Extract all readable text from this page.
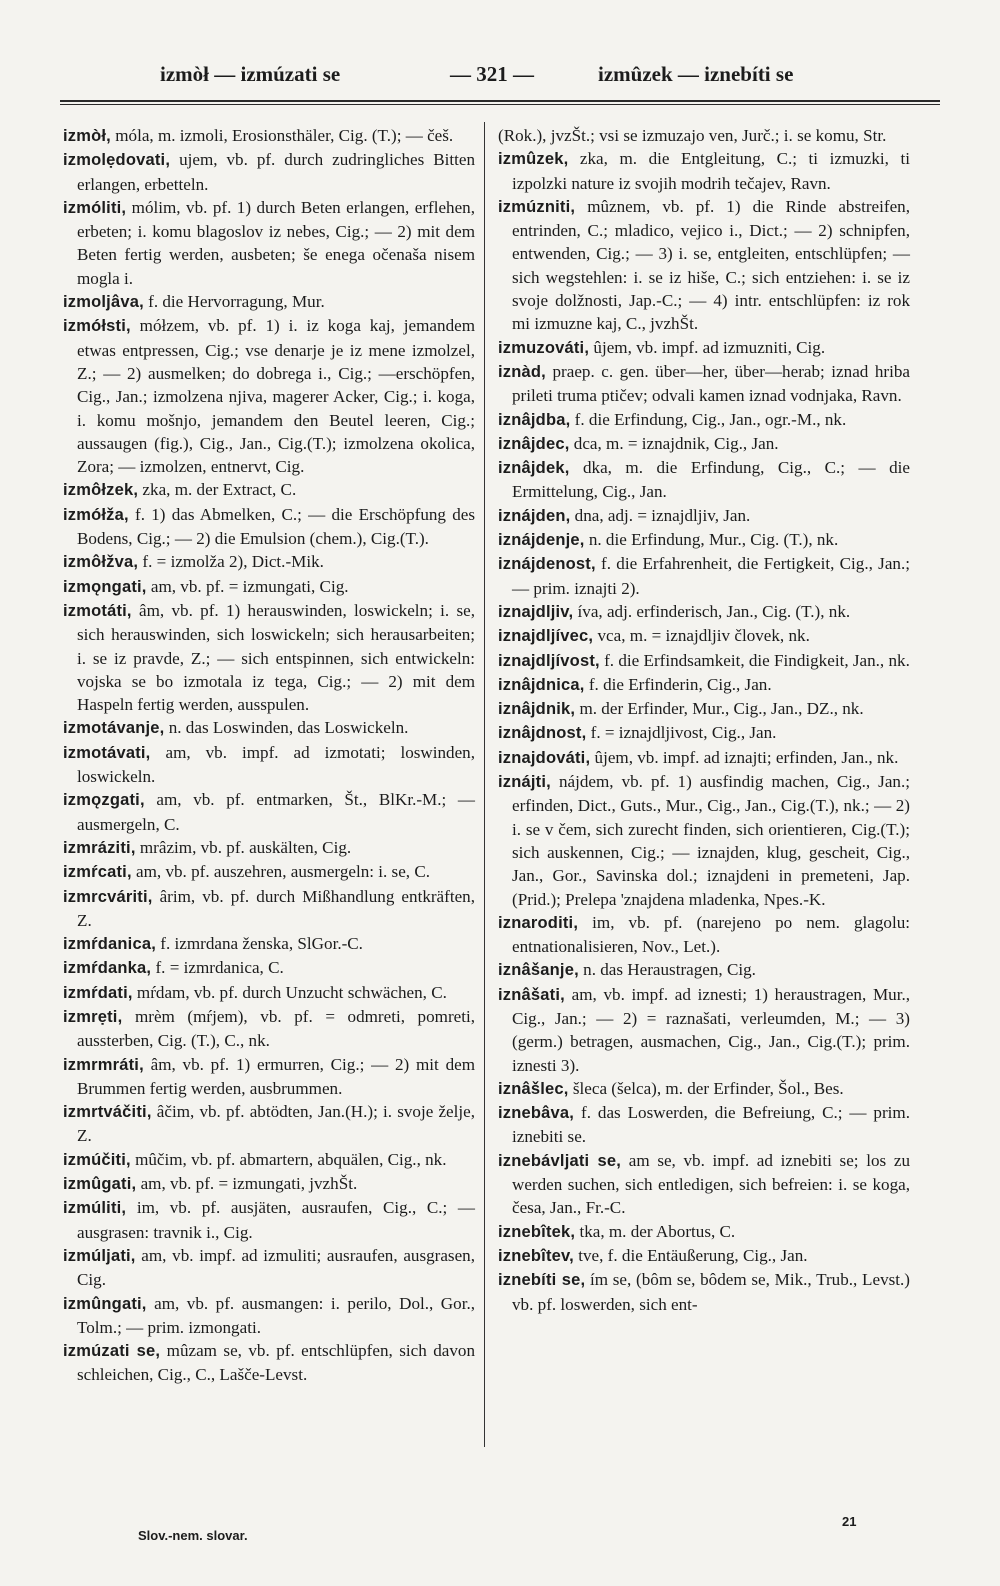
izmòł — izmúzati se	— 321 —	izmûzek — iznebíti se

izmòł, móla, m. izmoli, Erosionsthäler, Cig. (T.); — češ.

izmolẹdovati, ujem, vb. pf. durch zudringliches Bitten erlangen, erbetteln.

izmóliti, mólim, vb. pf. 1) durch Beten erlangen, erflehen, erbeten; i. komu blagoslov iz nebes, Cig.; — 2) mit dem Beten fertig werden, ausbeten; še enega očenaša nisem mogla i.

izmoljâva, f. die Hervorragung, Mur.

izmółsti, mółzem, vb. pf. 1) i. iz koga kaj, jemandem etwas entpressen, Cig.; vse denarje je iz mene izmolzel, Z.; — 2) ausmelken; do dobrega i., Cig.; —erschöpfen, Cig., Jan.; izmolzena njiva, magerer Acker, Cig.; i. koga, i. komu mošnjo, jemandem den Beutel leeren, Cig.; aussaugen (fig.), Cig., Jan., Cig.(T.); izmolzena okolica, Zora; — izmolzen, entnervt, Cig.

izmôłzek, zka, m. der Extract, C.

izmółža, f. 1) das Abmelken, C.; — die Erschöpfung des Bodens, Cig.; — 2) die Emulsion (chem.), Cig.(T.).

izmôłžva, f. = izmolža 2), Dict.-Mik.

izmǫngati, am, vb. pf. = izmungati, Cig.

izmotáti, âm, vb. pf. 1) herauswinden, loswickeln; i. se, sich herauswinden, sich loswickeln; sich herausarbeiten; i. se iz pravde, Z.; — sich entspinnen, sich entwickeln: vojska se bo izmotala iz tega, Cig.; — 2) mit dem Haspeln fertig werden, ausspulen.

izmotávanje, n. das Loswinden, das Loswickeln.

izmotávati, am, vb. impf. ad izmotati; loswinden, loswickeln.

izmǫzgati, am, vb. pf. entmarken, Št., BlKr.-M.; — ausmergeln, C.

izmráziti, mrâzim, vb. pf. auskälten, Cig.

izmŕcati, am, vb. pf. auszehren, ausmergeln: i. se, C.

izmrcváriti, ârim, vb. pf. durch Mißhandlung entkräften, Z.

izmŕdanica, f. izmrdana ženska, SlGor.-C.

izmŕdanka, f. = izmrdanica, C.

izmŕdati, mŕdam, vb. pf. durch Unzucht schwächen, C.

izmrẹti, mrèm (mŕjem), vb. pf. = odmreti, pomreti, aussterben, Cig. (T.), C., nk.

izmrmráti, âm, vb. pf. 1) ermurren, Cig.; — 2) mit dem Brummen fertig werden, ausbrummen.

izmrtváčiti, âčim, vb. pf. abtödten, Jan.(H.); i. svoje želje, Z.

izmúčiti, mûčim, vb. pf. abmartern, abquälen, Cig., nk.

izmûgati, am, vb. pf. = izmungati, jvzhŠt.

izmúliti, im, vb. pf. ausjäten, ausraufen, Cig., C.; — ausgrasen: travnik i., Cig.

izmúljati, am, vb. impf. ad izmuliti; ausraufen, ausgrasen, Cig.

izmûngati, am, vb. pf. ausmangen: i. perilo, Dol., Gor., Tolm.; — prim. izmongati.

izmúzati se, mûzam se, vb. pf. entschlüpfen, sich davon schleichen, Cig., C., Lašče-Levst.

(Rok.), jvzŠt.; vsi se izmuzajo ven, Jurč.; i. se komu, Str.

izmûzek, zka, m. die Entgleitung, C.; ti izmuzki, ti izpolzki nature iz svojih modrih tečajev, Ravn.

izmúzniti, mûznem, vb. pf. 1) die Rinde abstreifen, entrinden, C.; mladico, vejico i., Dict.; — 2) schnipfen, entwenden, Cig.; — 3) i. se, entgleiten, entschlüpfen; — sich wegstehlen: i. se iz hiše, C.; sich entziehen: i. se iz svoje dolžnosti, Jap.-C.; — 4) intr. entschlüpfen: iz rok mi izmuzne kaj, C., jvzhŠt.

izmuzováti, ûjem, vb. impf. ad izmuzniti, Cig.

iznàd, praep. c. gen. über—her, über—herab; iznad hriba prileti truma ptičev; odvali kamen iznad vodnjaka, Ravn.

iznâjdba, f. die Erfindung, Cig., Jan., ogr.-M., nk.

iznâjdec, dca, m. = iznajdnik, Cig., Jan.

iznâjdek, dka, m. die Erfindung, Cig., C.; — die Ermittelung, Cig., Jan.

iznájden, dna, adj. = iznajdljiv, Jan.

iznájdenje, n. die Erfindung, Mur., Cig. (T.), nk.

iznájdenost, f. die Erfahrenheit, die Fertigkeit, Cig., Jan.; — prim. iznajti 2).

iznajdljiv, íva, adj. erfinderisch, Jan., Cig. (T.), nk.

iznajdljívec, vca, m. = iznajdljiv človek, nk.

iznajdljívost, f. die Erfindsamkeit, die Findigkeit, Jan., nk.

iznâjdnica, f. die Erfinderin, Cig., Jan.

iznâjdnik, m. der Erfinder, Mur., Cig., Jan., DZ., nk.

iznâjdnost, f. = iznajdljivost, Cig., Jan.

iznajdováti, ûjem, vb. impf. ad iznajti; erfinden, Jan., nk.

iznájti, nájdem, vb. pf. 1) ausfindig machen, Cig., Jan.; erfinden, Dict., Guts., Mur., Cig., Jan., Cig.(T.), nk.; — 2) i. se v čem, sich zurecht finden, sich orientieren, Cig.(T.); sich auskennen, Cig.; — iznajden, klug, gescheit, Cig., Jan., Gor., Savinska dol.; iznajdeni in premeteni, Jap.(Prid.); Prelepa 'znajdena mladenka, Npes.-K.

iznaroditi, im, vb. pf. (narejeno po nem. glagolu: entnationalisieren, Nov., Let.).

iznâšanje, n. das Heraustragen, Cig.

iznâšati, am, vb. impf. ad iznesti; 1) heraustragen, Mur., Cig., Jan.; — 2) = raznašati, verleumden, M.; — 3) (germ.) betragen, ausmachen, Cig., Jan., Cig.(T.); prim. iznesti 3).

iznâšlec, šleca (šelca), m. der Erfinder, Šol., Bes.

iznebâva, f. das Loswerden, die Befreiung, C.; — prim. iznebiti se.

iznebávljati se, am se, vb. impf. ad iznebiti se; los zu werden suchen, sich entledigen, sich befreien: i. se koga, česa, Jan., Fr.-C.

iznebîtek, tka, m. der Abortus, C.

iznebîtev, tve, f. die Entäußerung, Cig., Jan.

iznebíti se, ím se, (bôm se, bôdem se, Mik., Trub., Levst.) vb. pf. loswerden, sich ent-

Slov.-nem. slovar.
21
